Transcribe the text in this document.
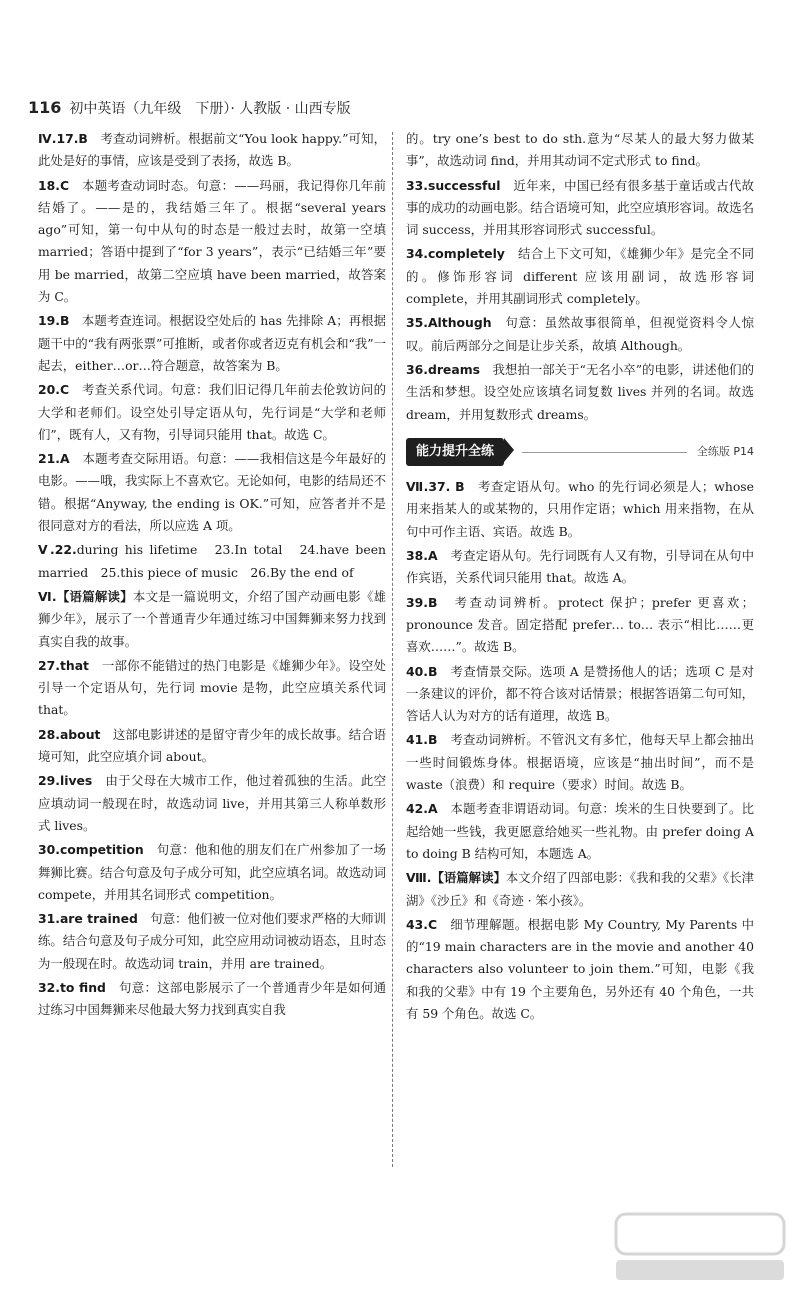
116 初中英语（九年级　下册）· 人教版 · 山西专版

Ⅳ.17.B　考查动词辨析。根据前文“You look happy.”可知，此处是好的事情，应该是受到了表扬，故选 B。

18.C　本题考查动词时态。句意：——玛丽，我记得你几年前结婚了。——是的，我结婚三年了。根据“several years ago”可知，第一句中从句的时态是一般过去时，故第一空填 married；答语中提到了“for 3 years”，表示“已结婚三年”要用 be married，故第二空应填 have been married，故答案为 C。

19.B　本题考查连词。根据设空处后的 has 先排除 A；再根据题干中的“我有两张票”可推断，或者你或者迈克有机会和“我”一起去，either…or…符合题意，故答案为 B。

20.C　考查关系代词。句意：我们旧记得几年前去伦敦访问的大学和老师们。设空处引导定语从句，先行词是“大学和老师们”，既有人，又有物，引导词只能用 that。故选 C。

21.A　本题考查交际用语。句意：——我相信这是今年最好的电影。——哦，我实际上不喜欢它。无论如何，电影的结局还不错。根据“Anyway, the ending is OK.”可知，应答者并不是很同意对方的看法，所以应选 A 项。

Ⅴ.22.during his lifetime　23.In total　24.have been married　25.this piece of music　26.By the end of

Ⅵ.【语篇解读】本文是一篇说明文，介绍了国产动画电影《雄狮少年》，展示了一个普通青少年通过练习中国舞狮来努力找到真实自我的故事。

27.that　一部你不能错过的热门电影是《雄狮少年》。设空处引导一个定语从句，先行词 movie 是物，此空应填关系代词 that。

28.about　这部电影讲述的是留守青少年的成长故事。结合语境可知，此空应填介词 about。

29.lives　由于父母在大城市工作，他过着孤独的生活。此空应填动词一般现在时，故选动词 live，并用其第三人称单数形式 lives。

30.competition　句意：他和他的朋友们在广州参加了一场舞狮比赛。结合句意及句子成分可知，此空应填名词。故选动词 compete，并用其名词形式 competition。

31.are trained　句意：他们被一位对他们要求严格的大师训练。结合句意及句子成分可知，此空应用动词被动语态，且时态为一般现在时。故选动词 train，并用 are trained。

32.to find　句意：这部电影展示了一个普通青少年是如何通过练习中国舞狮来尽他最大努力找到真实自我

的。try one’s best to do sth.意为“尽某人的最大努力做某事”，故选动词 find，并用其动词不定式形式 to find。

33.successful　近年来，中国已经有很多基于童话或古代故事的成功的动画电影。结合语境可知，此空应填形容词。故选名词 success，并用其形容词形式 successful。

34.completely　结合上下文可知，《雄狮少年》是完全不同的。修饰形容词 different 应该用副词，故选形容词 complete，并用其副词形式 completely。

35.Although　句意：虽然故事很简单，但视觉资料令人惊叹。前后两部分之间是让步关系，故填 Although。

36.dreams　我想拍一部关于“无名小卒”的电影，讲述他们的生活和梦想。设空处应该填名词复数 lives 并列的名词。故选 dream，并用复数形式 dreams。

能力提升全练	全练版 P14

Ⅶ.37. B　考查定语从句。who 的先行词必须是人；whose 用来指某人的或某物的，只用作定语；which 用来指物，在从句中可作主语、宾语。故选 B。

38.A　考查定语从句。先行词既有人又有物，引导词在从句中作宾语，关系代词只能用 that。故选 A。

39.B　考查动词辨析。protect 保护；prefer 更喜欢；pronounce 发音。固定搭配 prefer… to… 表示“相比……更喜欢……”。故选 B。

40.B　考查情景交际。选项 A 是赞扬他人的话；选项 C 是对一条建议的评价，都不符合该对话情景；根据答语第二句可知，答话人认为对方的话有道理，故选 B。

41.B　考查动词辨析。不管汎文有多忙，他每天早上都会抽出一些时间锻炼身体。根据语境，应该是“抽出时间”，而不是 waste（浪费）和 require（要求）时间。故选 B。

42.A　本题考查非谓语动词。句意：埃米的生日快要到了。比起给她一些钱，我更愿意给她买一些礼物。由 prefer doing A to doing B 结构可知，本题选 A。

Ⅷ.【语篇解读】本文介绍了四部电影：《我和我的父辈》《长津湖》《沙丘》和《奇迹 · 笨小孩》。

43.C　细节理解题。根据电影 My Country, My Parents 中的“19 main characters are in the movie and another 40 characters also volunteer to join them.”可知，电影《我和我的父辈》中有 19 个主要角色，另外还有 40 个角色，一共有 59 个角色。故选 C。
